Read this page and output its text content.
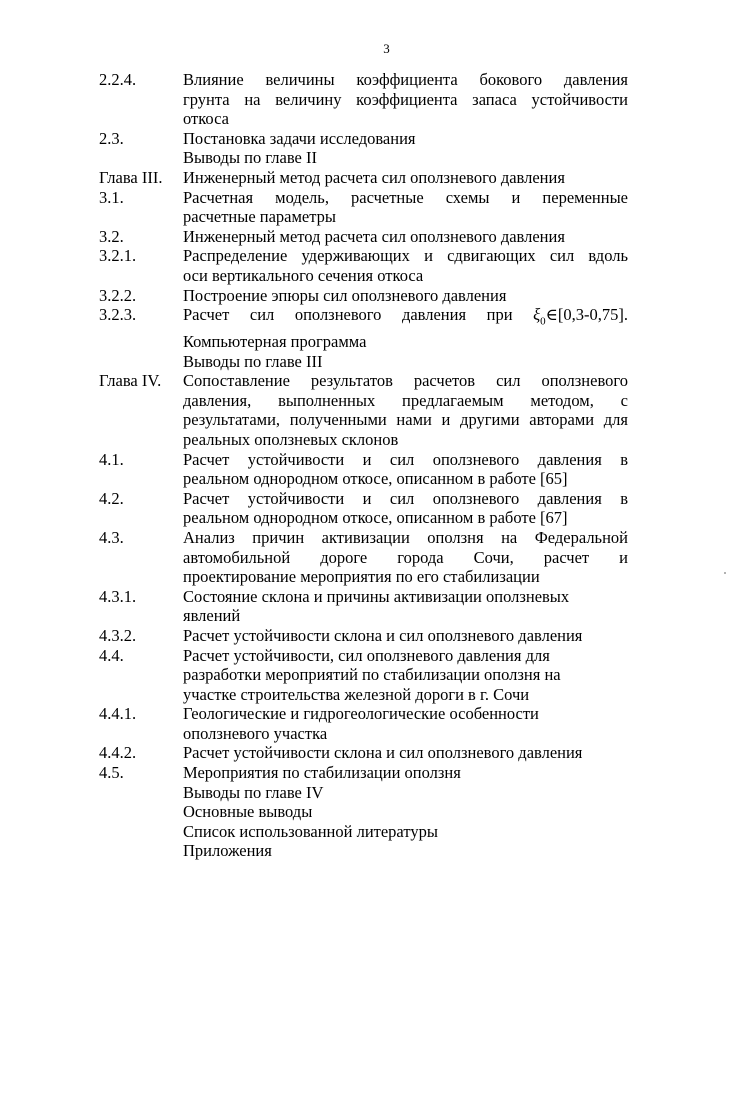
3
2.2.4.	Влияние величины коэффициента бокового давления
грунта на величину коэффициента запаса устойчивости
откоса
2.3.	Постановка задачи исследования
Выводы по главе II
Глава III. Инженерный метод расчета сил оползневого давления
3.1.	Расчетная модель, расчетные схемы и переменные
расчетные параметры
3.2.	Инженерный метод расчета сил оползневого давления
3.2.1.	Распределение удерживающих и сдвигающих сил вдоль
оси вертикального сечения откоса
3.2.2.	Построение эпюры сил оползневого давления
3.2.3.	Расчет сил оползневого давления при $\xi_0\in[0,3-0,75]$.
Компьютерная программа
Выводы по главе III
Глава IV. Сопоставление результатов расчетов сил оползневого
давления, выполненных предлагаемым методом, с
результатами, полученными нами и другими авторами для
реальных оползневых склонов
4.1.	Расчет устойчивости и сил оползневого давления в
реальном однородном откосе, описанном в работе [65]
4.2.	Расчет устойчивости и сил оползневого давления в
реальном однородном откосе, описанном в работе [67]
4.3.	Анализ причин активизации оползня на Федеральной
автомобильной дороге города Сочи, расчет и
проектирование мероприятия по его стабилизации
4.3.1.	Состояние склона и причины активизации оползневых
явлений
4.3.2.	Расчет устойчивости склона и сил оползневого давления
4.4.	Расчет устойчивости, сил оползневого давления для
разработки мероприятий по стабилизации оползня на
участке строительства железной дороги в г. Сочи
4.4.1.	Геологические и гидрогеологические особенности
оползневого участка
4.4.2.	Расчет устойчивости склона и сил оползневого давления
4.5.	Мероприятия по стабилизации оползня
Выводы по главе IV
Основные выводы
Список использованной литературы
Приложения
